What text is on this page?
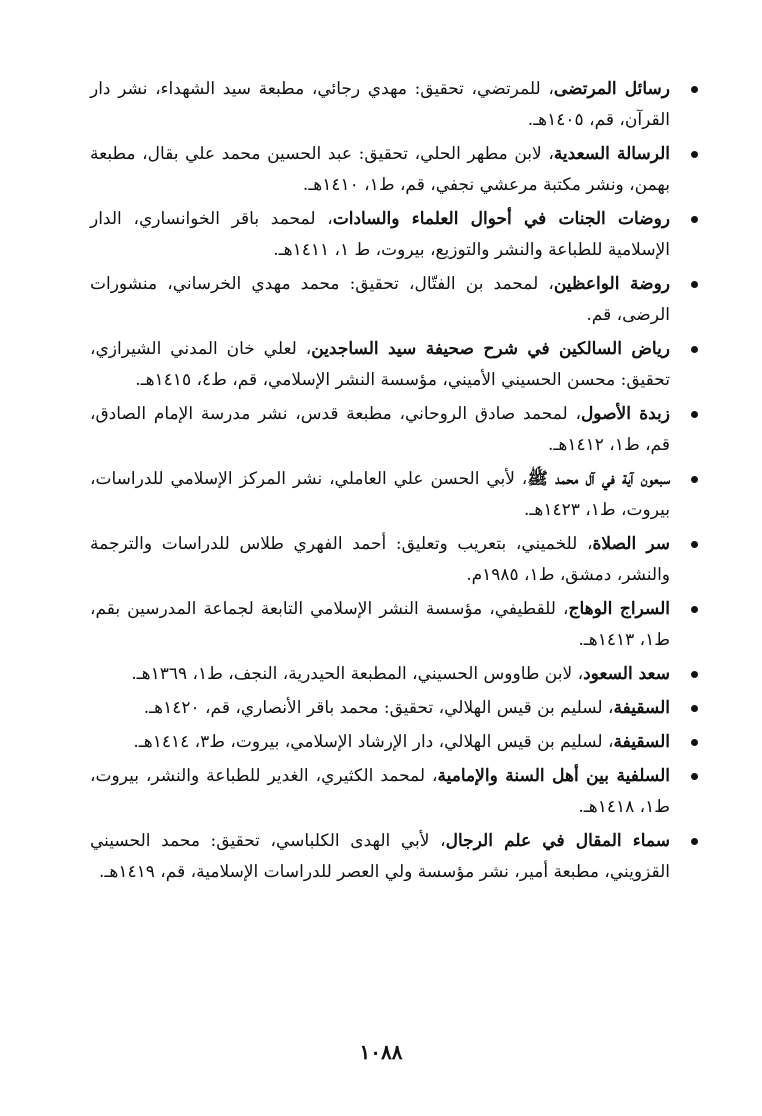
رسائل المرتضى، للمرتضي، تحقيق: مهدي رجائي، مطبعة سيد الشهداء، نشر دار القرآن، قم، ١٤٠٥هـ.
الرسالة السعدية، لابن مطهر الحلي، تحقيق: عبد الحسين محمد علي بقال، مطبعة بهمن، ونشر مكتبة مرعشي نجفي، قم، ط١، ١٤١٠هـ.
روضات الجنات في أحوال العلماء والسادات، لمحمد باقر الخوانساري، الدار الإسلامية للطباعة والنشر والتوزيع، بيروت، ط ١، ١٤١١هـ.
روضة الواعظين، لمحمد بن الفتّال، تحقيق: محمد مهدي الخرساني، منشورات الرضى، قم.
رياض السالكين في شرح صحيفة سيد الساجدين، لعلي خان المدني الشيرازي، تحقيق: محسن الحسيني الأميني، مؤسسة النشر الإسلامي، قم، ط٤، ١٤١٥هـ.
زبدة الأصول، لمحمد صادق الروحاني، مطبعة قدس، نشر مدرسة الإمام الصادق، قم، ط١، ١٤١٢هـ.
سبعون آية في آل محمد ﷺ، لأبي الحسن علي العاملي، نشر المركز الإسلامي للدراسات، بيروت، ط١، ١٤٢٣هـ.
سر الصلاة، للخميني، بتعريب وتعليق: أحمد الفهري طلاس للدراسات والترجمة والنشر، دمشق، ط١، ١٩٨٥م.
السراج الوهاج، للقطيفي، مؤسسة النشر الإسلامي التابعة لجماعة المدرسين بقم، ط١، ١٤١٣هـ.
سعد السعود، لابن طاووس الحسيني، المطبعة الحيدرية، النجف، ط١، ١٣٦٩هـ.
السقيفة، لسليم بن قيس الهلالي، تحقيق: محمد باقر الأنصاري، قم، ١٤٢٠هـ.
السقيفة، لسليم بن قيس الهلالي، دار الإرشاد الإسلامي، بيروت، ط٣، ١٤١٤هـ.
السلفية بين أهل السنة والإمامية، لمحمد الكثيري، الغدير للطباعة والنشر، بيروت، ط١، ١٤١٨هـ.
سماء المقال في علم الرجال، لأبي الهدى الكلباسي، تحقيق: محمد الحسيني القزويني، مطبعة أمير، نشر مؤسسة ولي العصر للدراسات الإسلامية، قم، ١٤١٩هـ.
١٠٨٨
